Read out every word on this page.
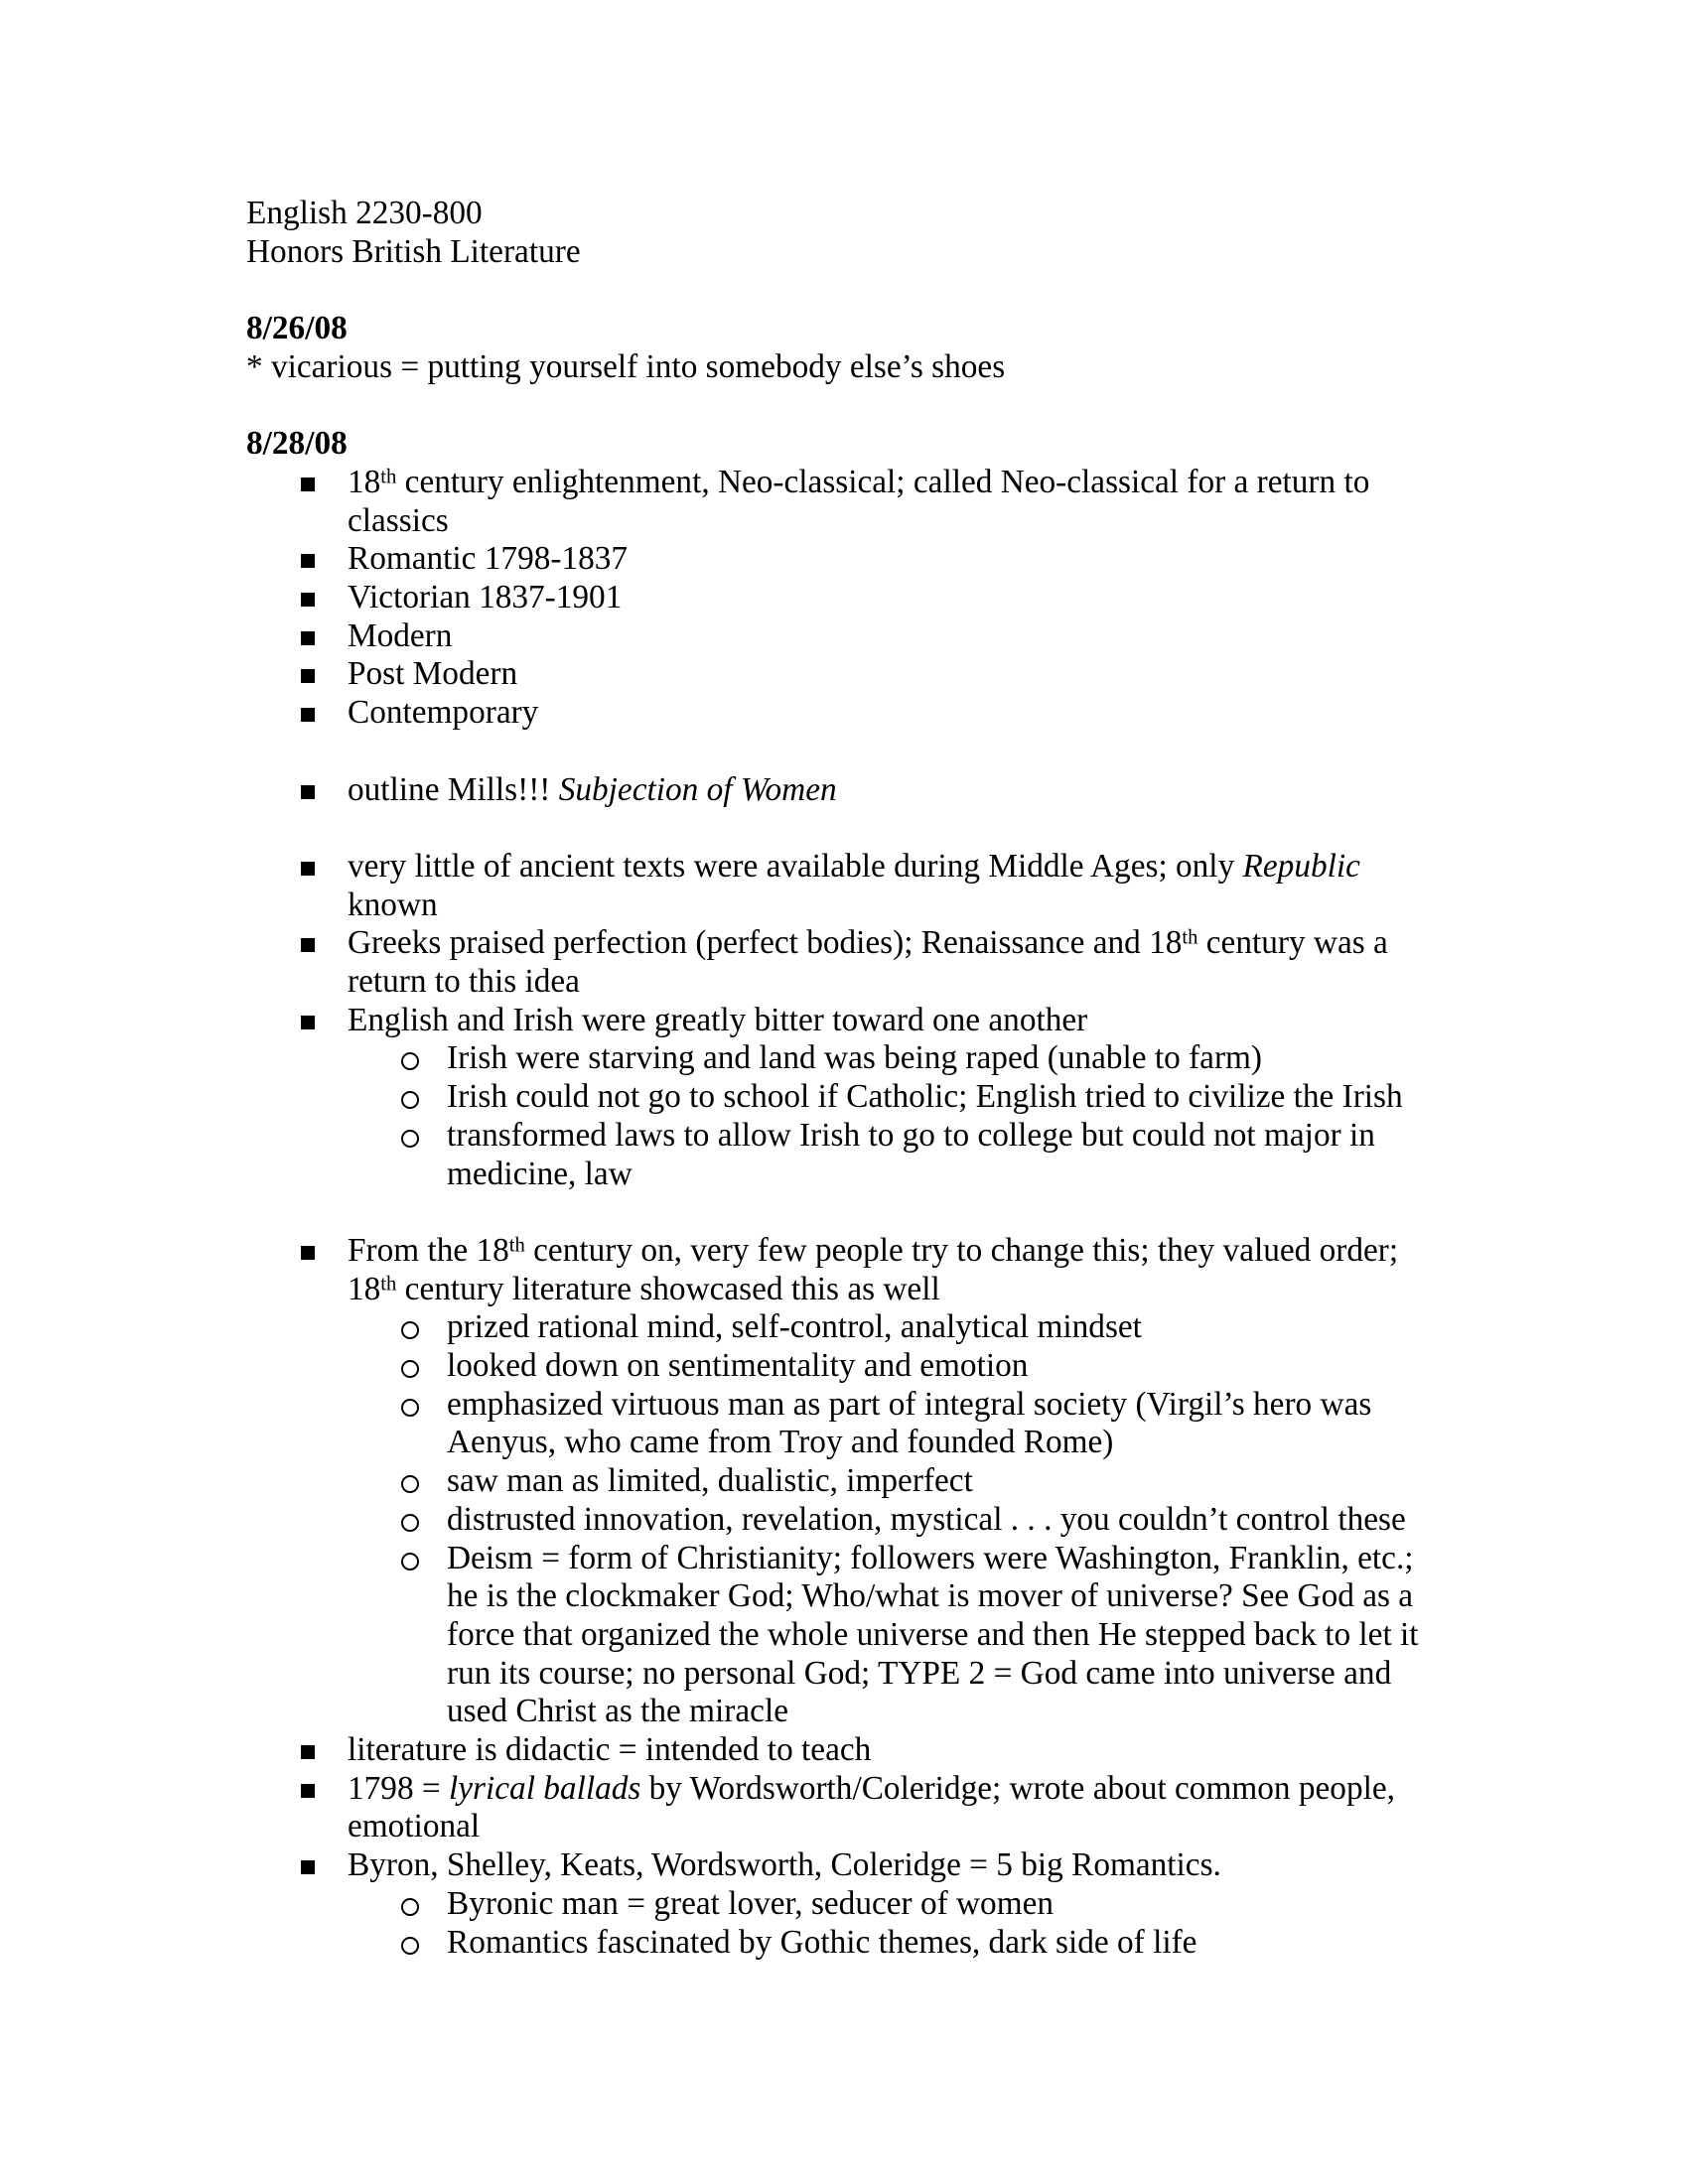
English 2230-800
Honors British Literature
8/26/08
* vicarious = putting yourself into somebody else’s shoes
8/28/08
18th century enlightenment, Neo-classical; called Neo-classical for a return to classics
Romantic 1798-1837
Victorian 1837-1901
Modern
Post Modern
Contemporary
outline Mills!!! Subjection of Women
very little of ancient texts were available during Middle Ages; only Republic known
Greeks praised perfection (perfect bodies); Renaissance and 18th century was a return to this idea
English and Irish were greatly bitter toward one another
Irish were starving and land was being raped (unable to farm)
Irish could not go to school if Catholic; English tried to civilize the Irish
transformed laws to allow Irish to go to college but could not major in medicine, law
From the 18th century on, very few people try to change this; they valued order; 18th century literature showcased this as well
prized rational mind, self-control, analytical mindset
looked down on sentimentality and emotion
emphasized virtuous man as part of integral society (Virgil’s hero was Aenyus, who came from Troy and founded Rome)
saw man as limited, dualistic, imperfect
distrusted innovation, revelation, mystical . . . you couldn’t control these
Deism = form of Christianity; followers were Washington, Franklin, etc.; he is the clockmaker God; Who/what is mover of universe? See God as a force that organized the whole universe and then He stepped back to let it run its course; no personal God; TYPE 2 = God came into universe and used Christ as the miracle
literature is didactic = intended to teach
1798 = lyrical ballads by Wordsworth/Coleridge; wrote about common people, emotional
Byron, Shelley, Keats, Wordsworth, Coleridge = 5 big Romantics.
Byronic man = great lover, seducer of women
Romantics fascinated by Gothic themes, dark side of life
